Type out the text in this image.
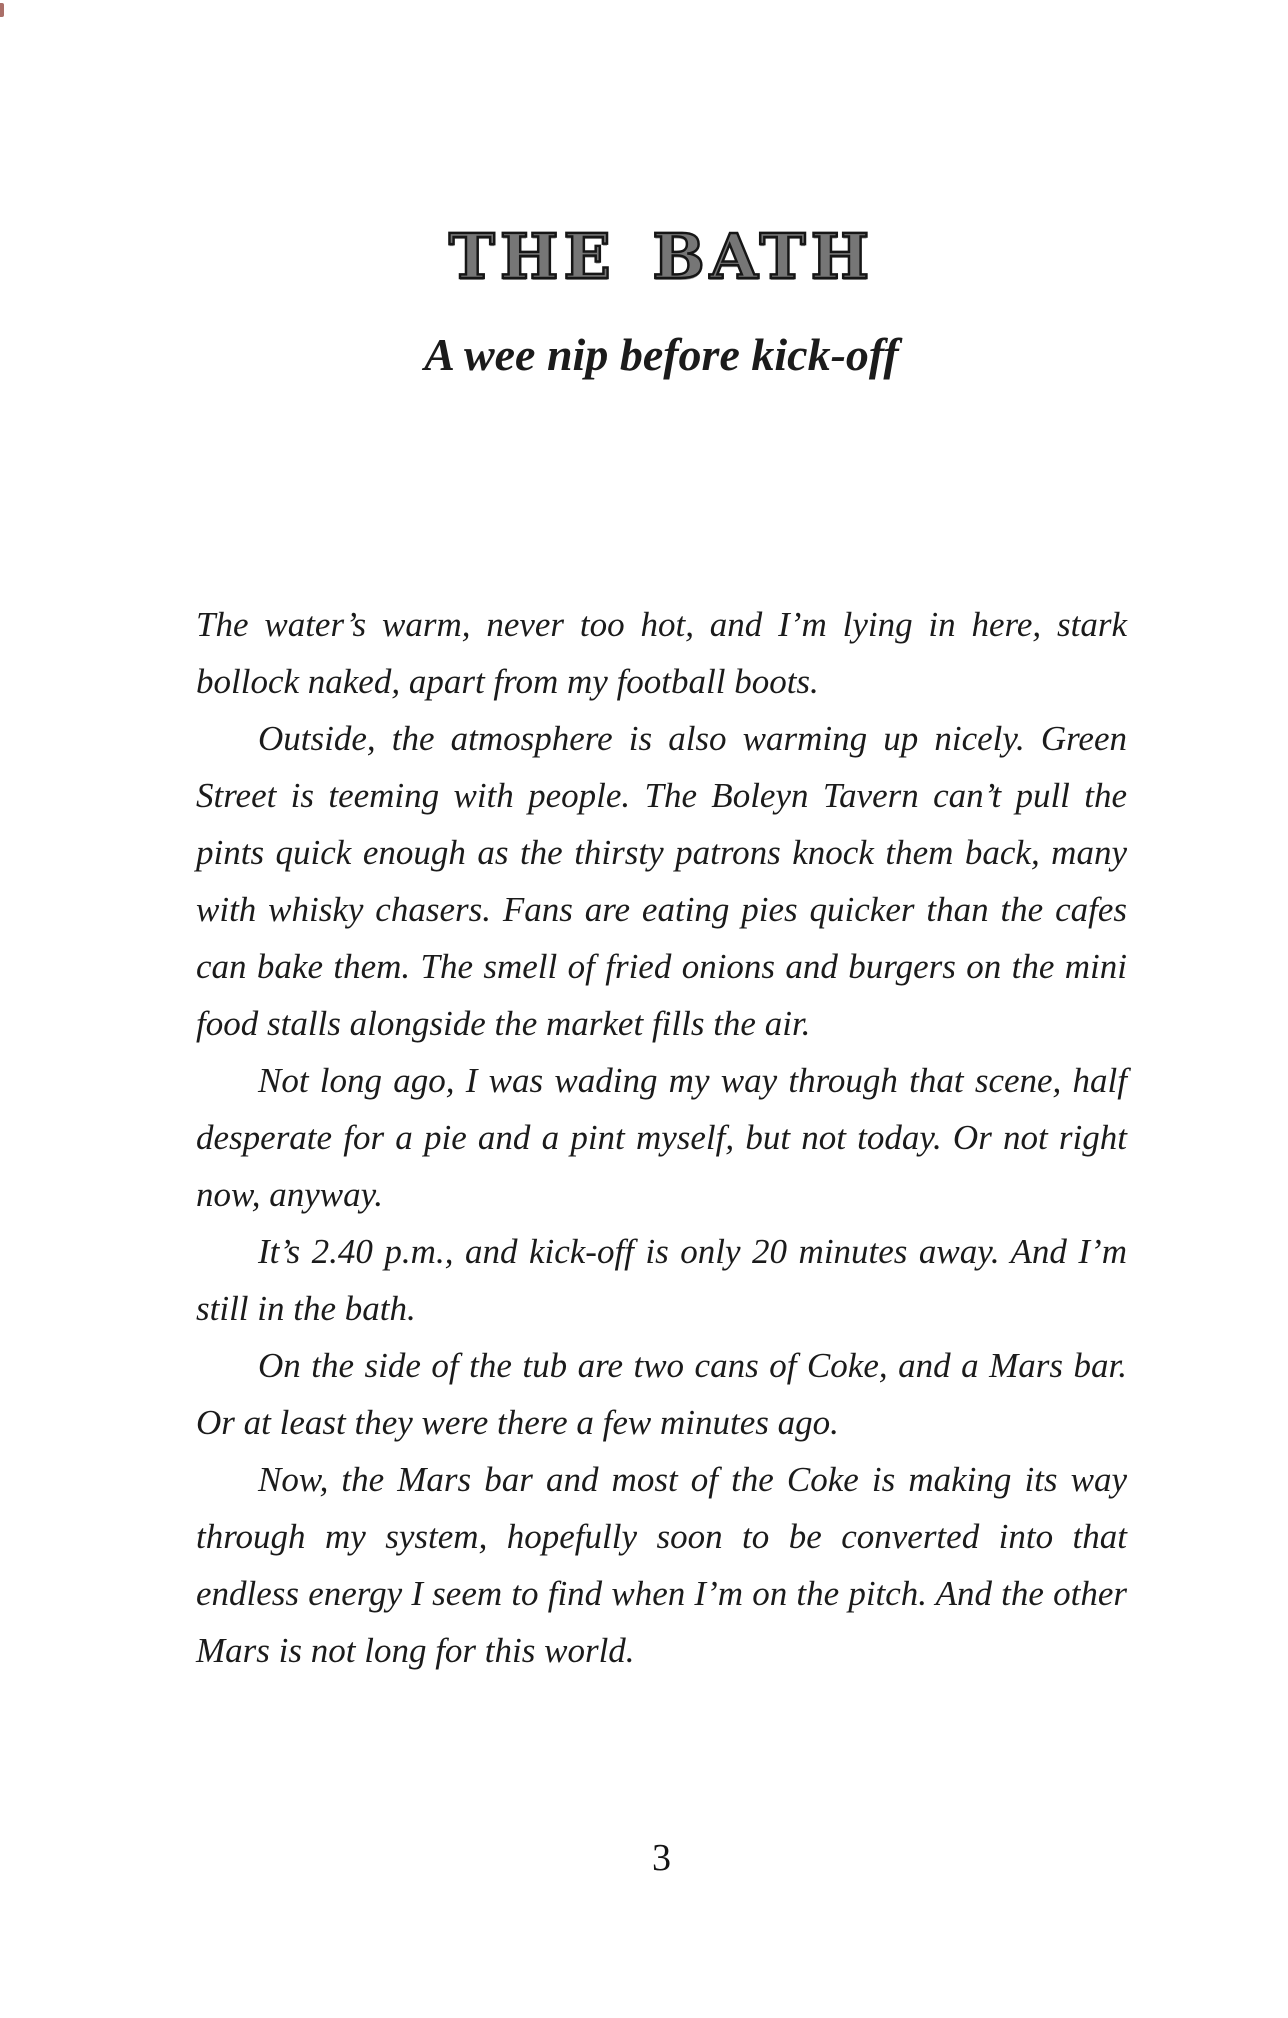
THE BATH
A wee nip before kick-off

The water’s warm, never too hot, and I’m lying in here, stark bollock naked, apart from my football boots.

Outside, the atmosphere is also warming up nicely. Green Street is teeming with people. The Boleyn Tavern can’t pull the pints quick enough as the thirsty patrons knock them back, many with whisky chasers. Fans are eating pies quicker than the cafes can bake them. The smell of fried onions and burgers on the mini food stalls alongside the market fills the air.

Not long ago, I was wading my way through that scene, half desperate for a pie and a pint myself, but not today. Or not right now, anyway.

It’s 2.40 p.m., and kick-off is only 20 minutes away. And I’m still in the bath.

On the side of the tub are two cans of Coke, and a Mars bar. Or at least they were there a few minutes ago.

Now, the Mars bar and most of the Coke is making its way through my system, hopefully soon to be converted into that endless energy I seem to find when I’m on the pitch. And the other Mars is not long for this world.

3
